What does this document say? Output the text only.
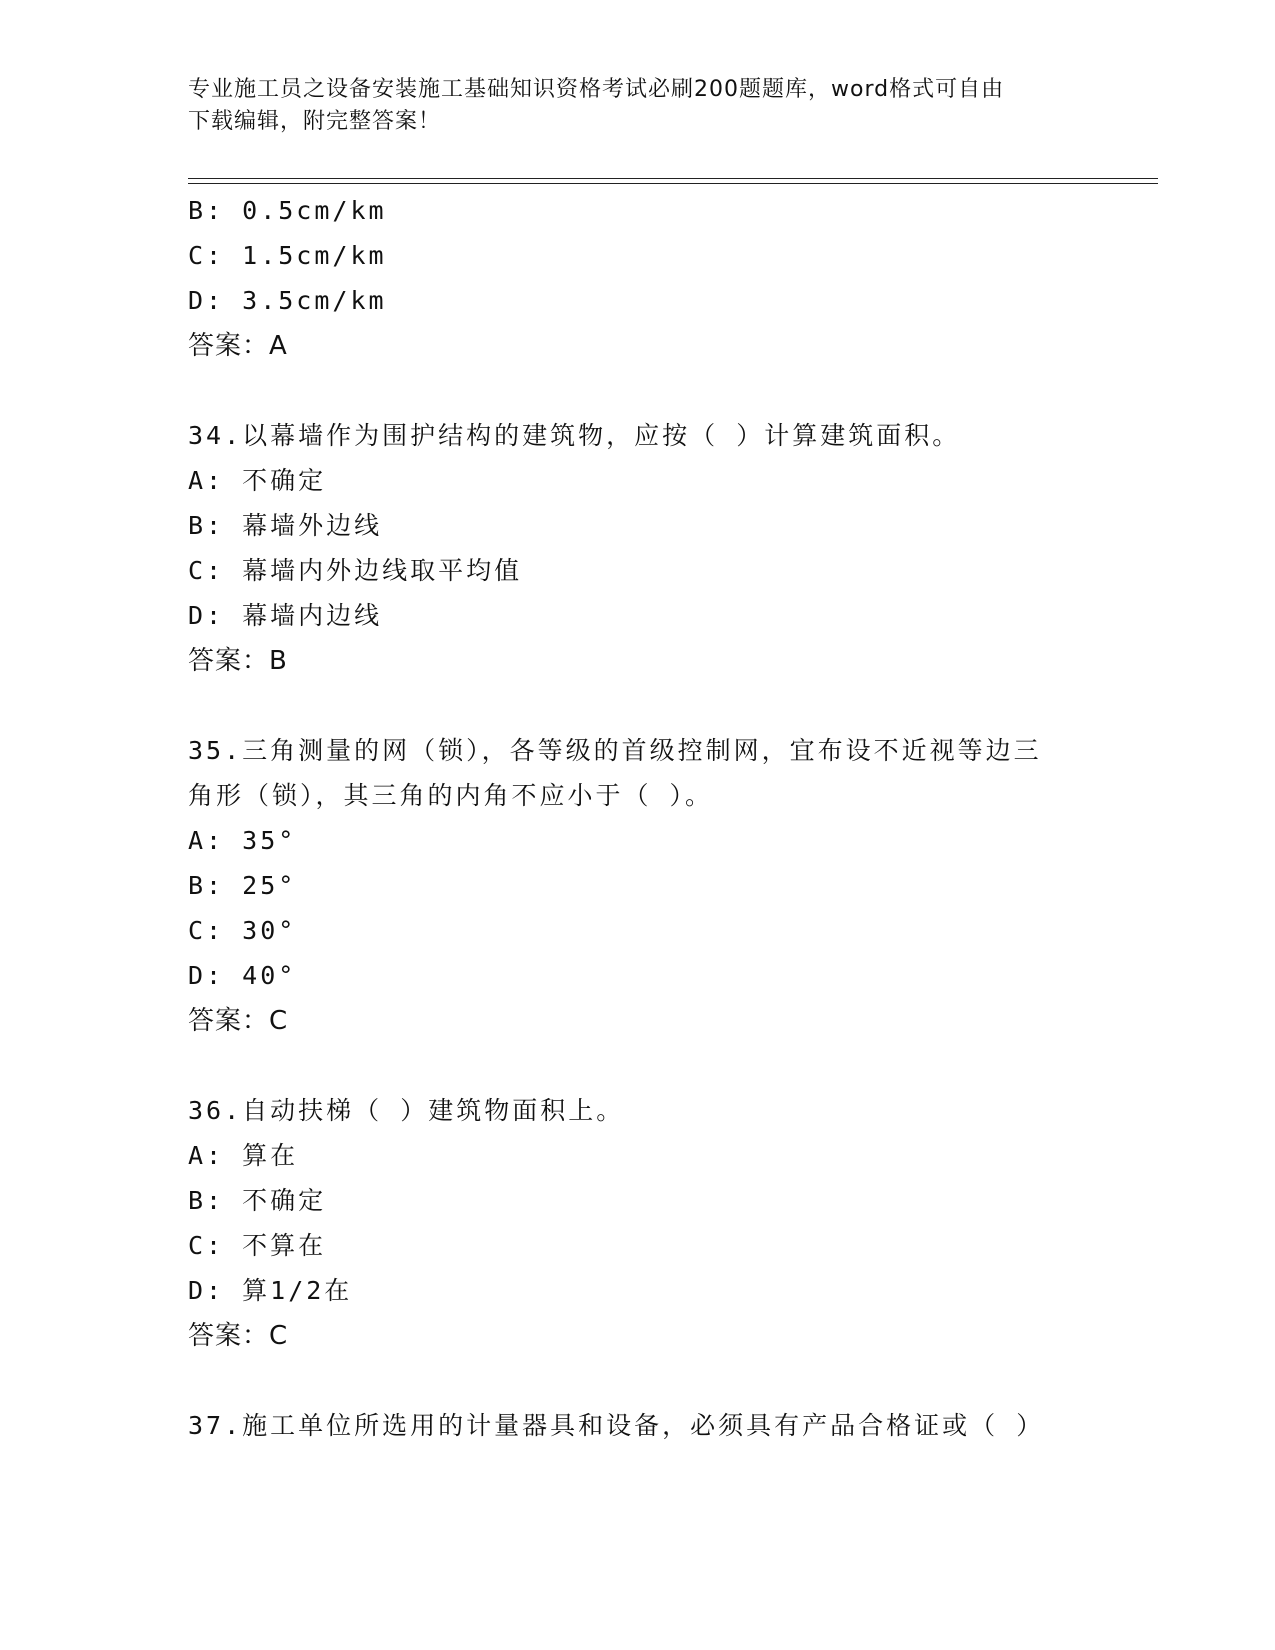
专业施工员之设备安装施工基础知识资格考试必刷200题题库，word格式可自由
下载编辑，附完整答案！
B: 0.5cm/km
C: 1.5cm/km
D: 3.5cm/km
答案：A
34.以幕墙作为围护结构的建筑物，应按（ ）计算建筑面积。
A: 不确定
B: 幕墙外边线
C: 幕墙内外边线取平均值
D: 幕墙内边线
答案：B
35.三角测量的网（锁），各等级的首级控制网，宜布设不近视等边三
角形（锁），其三角的内角不应小于（ ）。
A: 35°
B: 25°
C: 30°
D: 40°
答案：C
36.自动扶梯（ ）建筑物面积上。
A: 算在
B: 不确定
C: 不算在
D: 算1/2在
答案：C
37.施工单位所选用的计量器具和设备，必须具有产品合格证或（ ）
